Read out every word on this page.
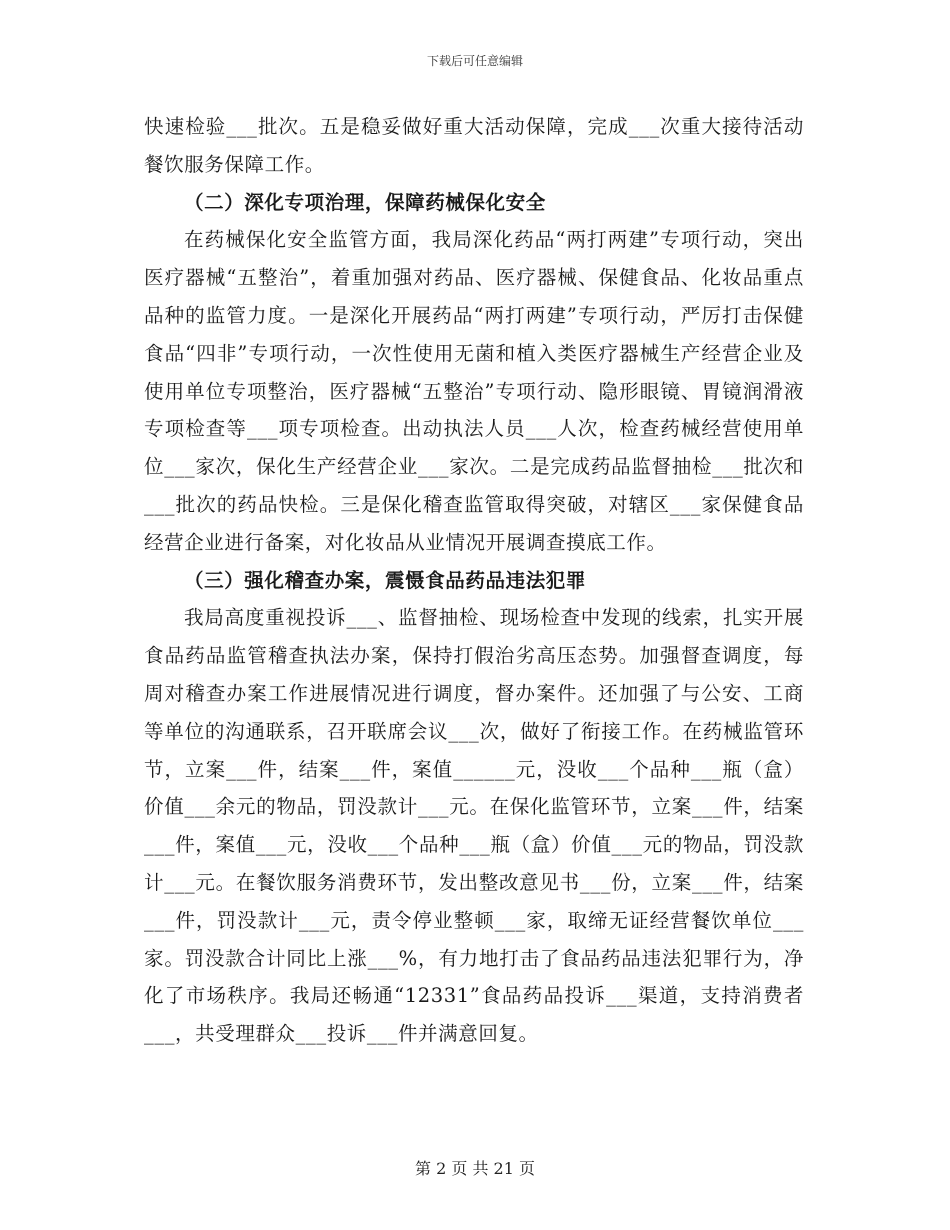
下载后可任意编辑

快速检验___批次。五是稳妥做好重大活动保障，完成___次重大接待活动餐饮服务保障工作。

（二）深化专项治理，保障药械保化安全

在药械保化安全监管方面，我局深化药品“两打两建”专项行动，突出医疗器械“五整治”，着重加强对药品、医疗器械、保健食品、化妆品重点品种的监管力度。一是深化开展药品“两打两建”专项行动，严厉打击保健食品“四非”专项行动，一次性使用无菌和植入类医疗器械生产经营企业及使用单位专项整治，医疗器械“五整治”专项行动、隐形眼镜、胃镜润滑液专项检查等___项专项检查。出动执法人员___人次，检查药械经营使用单位___家次，保化生产经营企业___家次。二是完成药品监督抽检___批次和___批次的药品快检。三是保化稽查监管取得突破，对辖区___家保健食品经营企业进行备案，对化妆品从业情况开展调查摸底工作。

（三）强化稽查办案，震慑食品药品违法犯罪

我局高度重视投诉___、监督抽检、现场检查中发现的线索，扎实开展食品药品监管稽查执法办案，保持打假治劣高压态势。加强督查调度，每周对稽查办案工作进展情况进行调度，督办案件。还加强了与公安、工商等单位的沟通联系，召开联席会议___次，做好了衔接工作。在药械监管环节，立案___件，结案___件，案值______元，没收___个品种___瓶（盒）价值___余元的物品，罚没款计___元。在保化监管环节，立案___件，结案___件，案值___元，没收___个品种___瓶（盒）价值___元的物品，罚没款计___元。在餐饮服务消费环节，发出整改意见书___份，立案___件，结案___件，罚没款计___元，责令停业整顿___家，取缔无证经营餐饮单位___家。罚没款合计同比上涨___%，有力地打击了食品药品违法犯罪行为，净化了市场秩序。我局还畅通“12331”食品药品投诉___渠道，支持消费者___，共受理群众___投诉___件并满意回复。

第 2 页 共 21 页
